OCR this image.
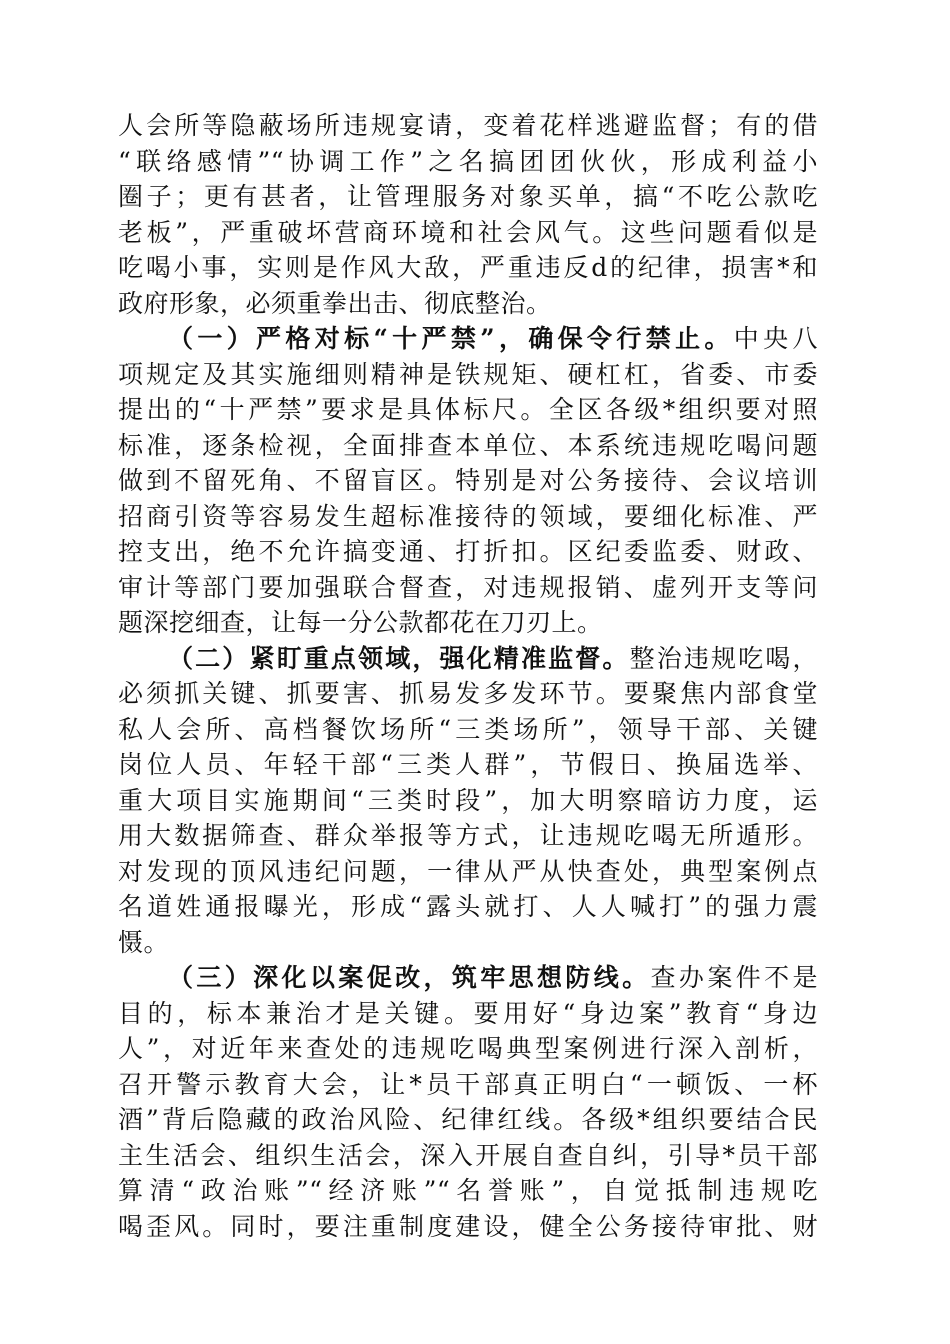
人会所等隐蔽场所违规宴请，变着花样逃避监督；有的借
“联络感情”“协调工作”之名搞团团伙伙，形成利益小
圈子；更有甚者，让管理服务对象买单，搞“不吃公款吃
老板”，严重破坏营商环境和社会风气。这些问题看似是
吃喝小事，实则是作风大敌，严重违反d的纪律，损害*和
政府形象，必须重拳出击、彻底整治。
（一）严格对标“十严禁”，确保令行禁止。中央八
项规定及其实施细则精神是铁规矩、硬杠杠，省委、市委
提出的“十严禁”要求是具体标尺。全区各级*组织要对照
标准，逐条检视，全面排查本单位、本系统违规吃喝问题
做到不留死角、不留盲区。特别是对公务接待、会议培训
招商引资等容易发生超标准接待的领域，要细化标准、严
控支出，绝不允许搞变通、打折扣。区纪委监委、财政、
审计等部门要加强联合督查，对违规报销、虚列开支等问
题深挖细查，让每一分公款都花在刀刃上。
（二）紧盯重点领域，强化精准监督。整治违规吃喝，
必须抓关键、抓要害、抓易发多发环节。要聚焦内部食堂
私人会所、高档餐饮场所“三类场所”，领导干部、关键
岗位人员、年轻干部“三类人群”，节假日、换届选举、
重大项目实施期间“三类时段”，加大明察暗访力度，运
用大数据筛查、群众举报等方式，让违规吃喝无所遁形。
对发现的顶风违纪问题，一律从严从快查处，典型案例点
名道姓通报曝光，形成“露头就打、人人喊打”的强力震
慑。
（三）深化以案促改，筑牢思想防线。查办案件不是
目的，标本兼治才是关键。要用好“身边案”教育“身边
人”，对近年来查处的违规吃喝典型案例进行深入剖析，
召开警示教育大会，让*员干部真正明白“一顿饭、一杯
酒”背后隐藏的政治风险、纪律红线。各级*组织要结合民
主生活会、组织生活会，深入开展自查自纠，引导*员干部
算清“政治账”“经济账”“名誉账”，自觉抵制违规吃
喝歪风。同时，要注重制度建设，健全公务接待审批、财
